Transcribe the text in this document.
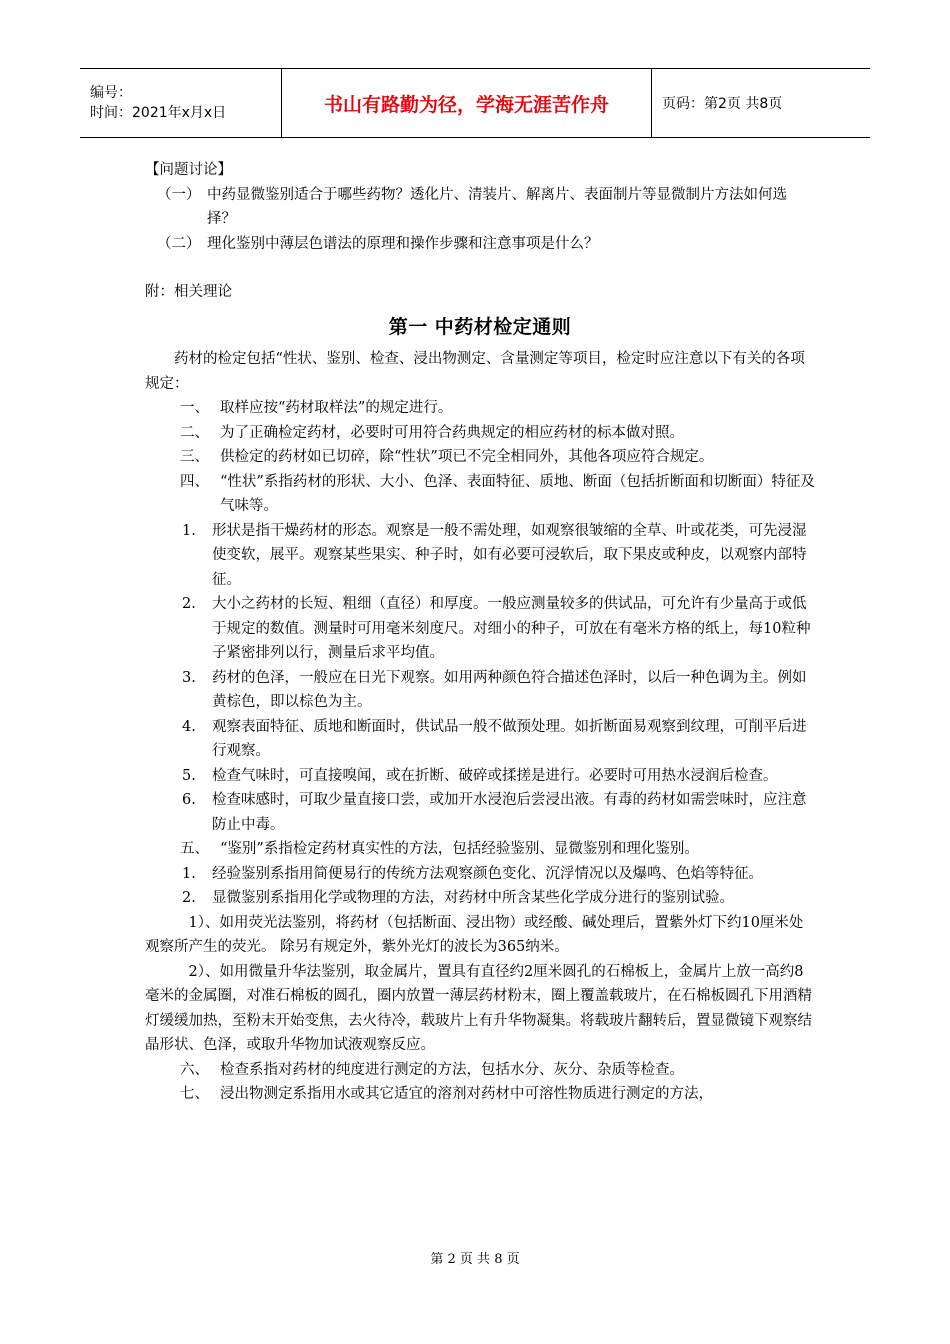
编号：
时间：2021年x月x日	书山有路勤为径，学海无涯苦作舟	页码：第2页 共8页

【问题讨论】

（一） 中药显微鉴别适合于哪些药物？透化片、清装片、解离片、表面制片等显微制片方法如何选择？
（二） 理化鉴别中薄层色谱法的原理和操作步骤和注意事项是什么？

附：相关理论

第一 中药材检定通则

药材的检定包括“性状、鉴别、检查、浸出物测定、含量测定等项目，检定时应注意以下有关的各项规定：

一、 取样应按“药材取样法”的规定进行。
二、 为了正确检定药材，必要时可用符合药典规定的相应药材的标本做对照。
三、 供检定的药材如已切碎，除“性状”项已不完全相同外，其他各项应符合规定。
四、 “性状”系指药材的形状、大小、色泽、表面特征、质地、断面（包括折断面和切断面）特征及气味等。
1.	形状是指干燥药材的形态。观察是一般不需处理，如观察很皱缩的全草、叶或花类，可先浸湿使变软，展平。观察某些果实、种子时，如有必要可浸软后，取下果皮或种皮，以观察内部特征。
2.	大小之药材的长短、粗细（直径）和厚度。一般应测量较多的供试品，可允许有少量高于或低于规定的数值。测量时可用毫米刻度尺。对细小的种子，可放在有毫米方格的纸上，每10粒种子紧密排列以行，测量后求平均值。
3.	药材的色泽，一般应在日光下观察。如用两种颜色符合描述色泽时，以后一种色调为主。例如黄棕色，即以棕色为主。
4.	观察表面特征、质地和断面时，供试品一般不做预处理。如折断面易观察到纹理，可削平后进行观察。
5.	检查气味时，可直接嗅闻，或在折断、破碎或揉搓是进行。必要时可用热水浸润后检查。
6.	检查味感时，可取少量直接口尝，或加开水浸泡后尝浸出液。有毒的药材如需尝味时，应注意防止中毒。
五、 “鉴别”系指检定药材真实性的方法，包括经验鉴别、显微鉴别和理化鉴别。
1.	经验鉴别系指用简便易行的传统方法观察颜色变化、沉浮情况以及爆鸣、色焰等特征。
2.	显微鉴别系指用化学或物理的方法，对药材中所含某些化学成分进行的鉴别试验。

1）、如用荧光法鉴别，将药材（包括断面、浸出物）或经酸、碱处理后，置紫外灯下约10厘米处观察所产生的荧光。 除另有规定外，紫外光灯的波长为365纳米。

2）、如用微量升华法鉴别，取金属片，置具有直径约2厘米圆孔的石棉板上，金属片上放一高约8毫米的金属圈，对准石棉板的圆孔，圈内放置一薄层药材粉末，圈上覆盖载玻片，在石棉板圆孔下用酒精灯缓缓加热，至粉末开始变焦，去火待冷，载玻片上有升华物凝集。将载玻片翻转后，置显微镜下观察结晶形状、色泽，或取升华物加试液观察反应。

六、 检查系指对药材的纯度进行测定的方法，包括水分、灰分、杂质等检查。
七、 浸出物测定系指用水或其它适宜的溶剂对药材中可溶性物质进行测定的方法，
第 2 页 共 8 页
